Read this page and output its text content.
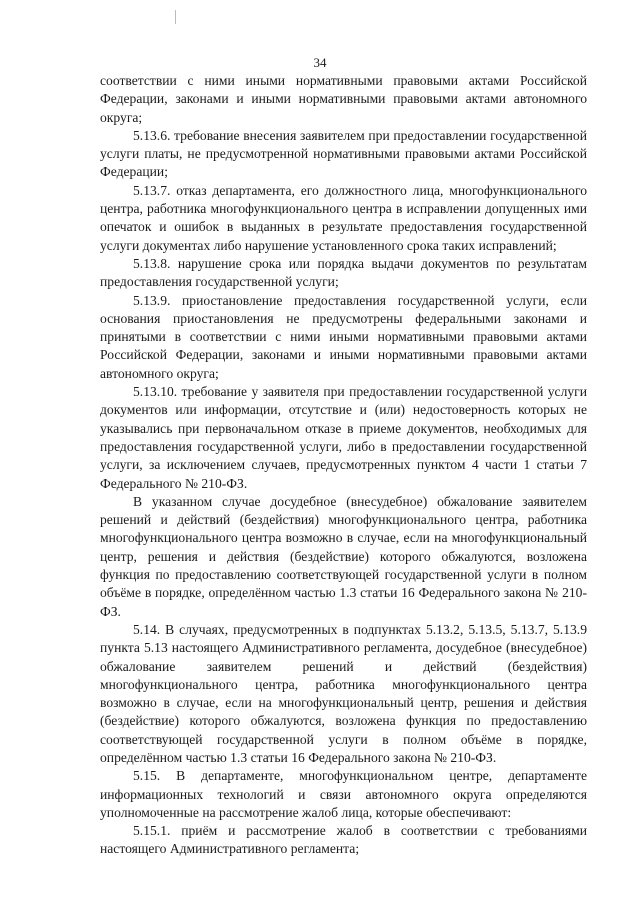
34

соответствии с ними иными нормативными правовыми актами Российской Федерации, законами и иными нормативными правовыми актами автономного округа;

5.13.6. требование внесения заявителем при предоставлении государственной услуги платы, не предусмотренной нормативными правовыми актами Российской Федерации;

5.13.7. отказ департамента, его должностного лица, многофункционального центра, работника многофункционального центра в исправлении допущенных ими опечаток и ошибок в выданных в результате предоставления государственной услуги документах либо нарушение установленного срока таких исправлений;

5.13.8. нарушение срока или порядка выдачи документов по результатам предоставления государственной услуги;

5.13.9. приостановление предоставления государственной услуги, если основания приостановления не предусмотрены федеральными законами и принятыми в соответствии с ними иными нормативными правовыми актами Российской Федерации, законами и иными нормативными правовыми актами автономного округа;

5.13.10. требование у заявителя при предоставлении государственной услуги документов или информации, отсутствие и (или) недостоверность которых не указывались при первоначальном отказе в приеме документов, необходимых для предоставления государственной услуги, либо в предоставлении государственной услуги, за исключением случаев, предусмотренных пунктом 4 части 1 статьи 7 Федерального № 210-ФЗ.

В указанном случае досудебное (внесудебное) обжалование заявителем решений и действий (бездействия) многофункционального центра, работника многофункционального центра возможно в случае, если на многофункциональный центр, решения и действия (бездействие) которого обжалуются, возложена функция по предоставлению соответствующей государственной услуги в полном объёме в порядке, определённом частью 1.3 статьи 16 Федерального закона № 210-ФЗ.

5.14. В случаях, предусмотренных в подпунктах 5.13.2, 5.13.5, 5.13.7, 5.13.9 пункта 5.13 настоящего Административного регламента, досудебное (внесудебное) обжалование заявителем решений и действий (бездействия) многофункционального центра, работника многофункционального центра возможно в случае, если на многофункциональный центр, решения и действия (бездействие) которого обжалуются, возложена функция по предоставлению соответствующей государственной услуги в полном объёме в порядке, определённом частью 1.3 статьи 16 Федерального закона № 210-ФЗ.

5.15. В департаменте, многофункциональном центре, департаменте информационных технологий и связи автономного округа определяются уполномоченные на рассмотрение жалоб лица, которые обеспечивают:

5.15.1. приём и рассмотрение жалоб в соответствии с требованиями настоящего Административного регламента;
